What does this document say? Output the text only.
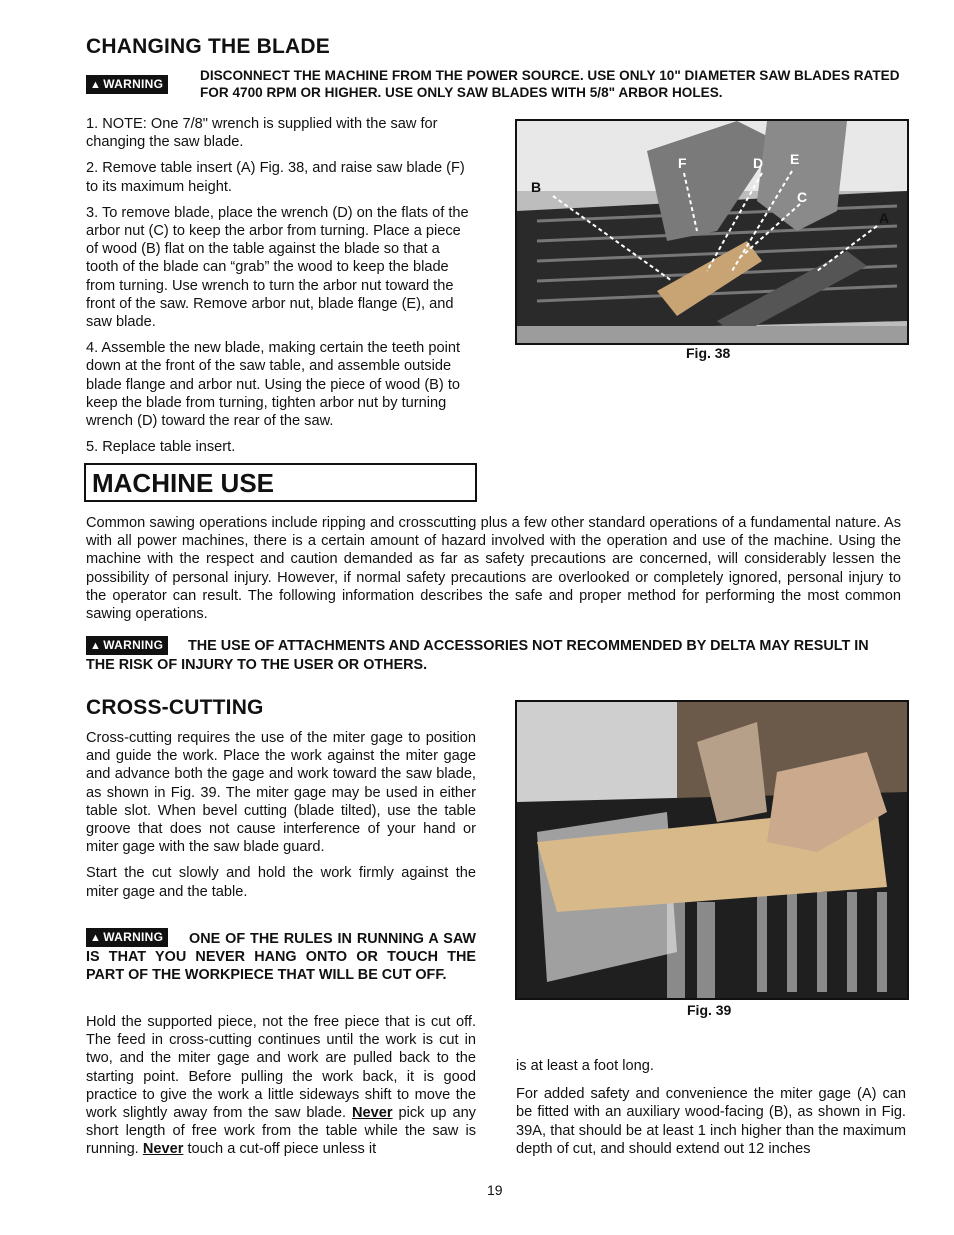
CHANGING THE BLADE
▲ WARNING
DISCONNECT THE MACHINE FROM THE POWER SOURCE. USE ONLY 10" DIAMETER SAW BLADES RATED FOR 4700 RPM OR HIGHER. USE ONLY SAW BLADES WITH 5/8" ARBOR HOLES.

1. NOTE: One 7/8" wrench is supplied with the saw for changing the saw blade.

2. Remove table insert (A) Fig. 38, and raise saw blade (F) to its maximum height.

3. To remove blade, place the wrench (D) on the flats of the arbor nut (C) to keep the arbor from turning. Place a piece of wood (B) flat on the table against the blade so that a tooth of the blade can “grab” the wood to keep the blade from turning. Use wrench to turn the arbor nut toward the front of the saw. Remove arbor nut, blade flange (E), and saw blade.

4. Assemble the new blade, making certain the teeth point down at the front of the saw table, and assemble outside blade flange and arbor nut. Using the piece of wood (B) to keep the blade from turning, tighten arbor nut by turning wrench (D) toward the rear of the saw.

5. Replace table insert.

B
F	D E
C
A
Fig. 38
MACHINE USE
Common sawing operations include ripping and crosscutting plus a few other standard operations of a fundamental nature. As with all power machines, there is a certain amount of hazard involved with the operation and use of the machine. Using the machine with the respect and caution demanded as far as safety precautions are concerned, will considerably lessen the possibility of personal injury. However, if normal safety precautions are overlooked or completely ignored, personal injury to the operator can result. The following information describes the safe and proper method for performing the most common sawing operations.
▲ WARNING	THE USE OF ATTACHMENTS AND ACCESSORIES NOT RECOMMENDED BY DELTA MAY RESULT IN THE RISK OF INJURY TO THE USER OR OTHERS.
CROSS-CUTTING

Cross-cutting requires the use of the miter gage to position and guide the work. Place the work against the miter gage and advance both the gage and work toward the saw blade, as shown in Fig. 39. The miter gage may be used in either table slot. When bevel cutting (blade tilted), use the table groove that does not cause interference of your hand or miter gage with the saw blade guard.

Start the cut slowly and hold the work firmly against the miter gage and the table.

▲ WARNING	ONE OF THE RULES IN RUNNING A SAW IS THAT YOU NEVER HANG ONTO OR TOUCH THE PART OF THE WORKPIECE THAT WILL BE CUT OFF.
Hold the supported piece, not the free piece that is cut off. The feed in cross-cutting continues until the work is cut in two, and the miter gage and work are pulled back to the starting point. Before pulling the work back, it is good practice to give the work a little sideways shift to move the work slightly away from the saw blade. Never pick up any short length of free work from the table while the saw is running. Never touch a cut-off piece unless it
Fig. 39

is at least a foot long.

For added safety and convenience the miter gage (A) can be fitted with an auxiliary wood-facing (B), as shown in Fig. 39A, that should be at least 1 inch higher than the maximum depth of cut, and should extend out 12 inches

19
